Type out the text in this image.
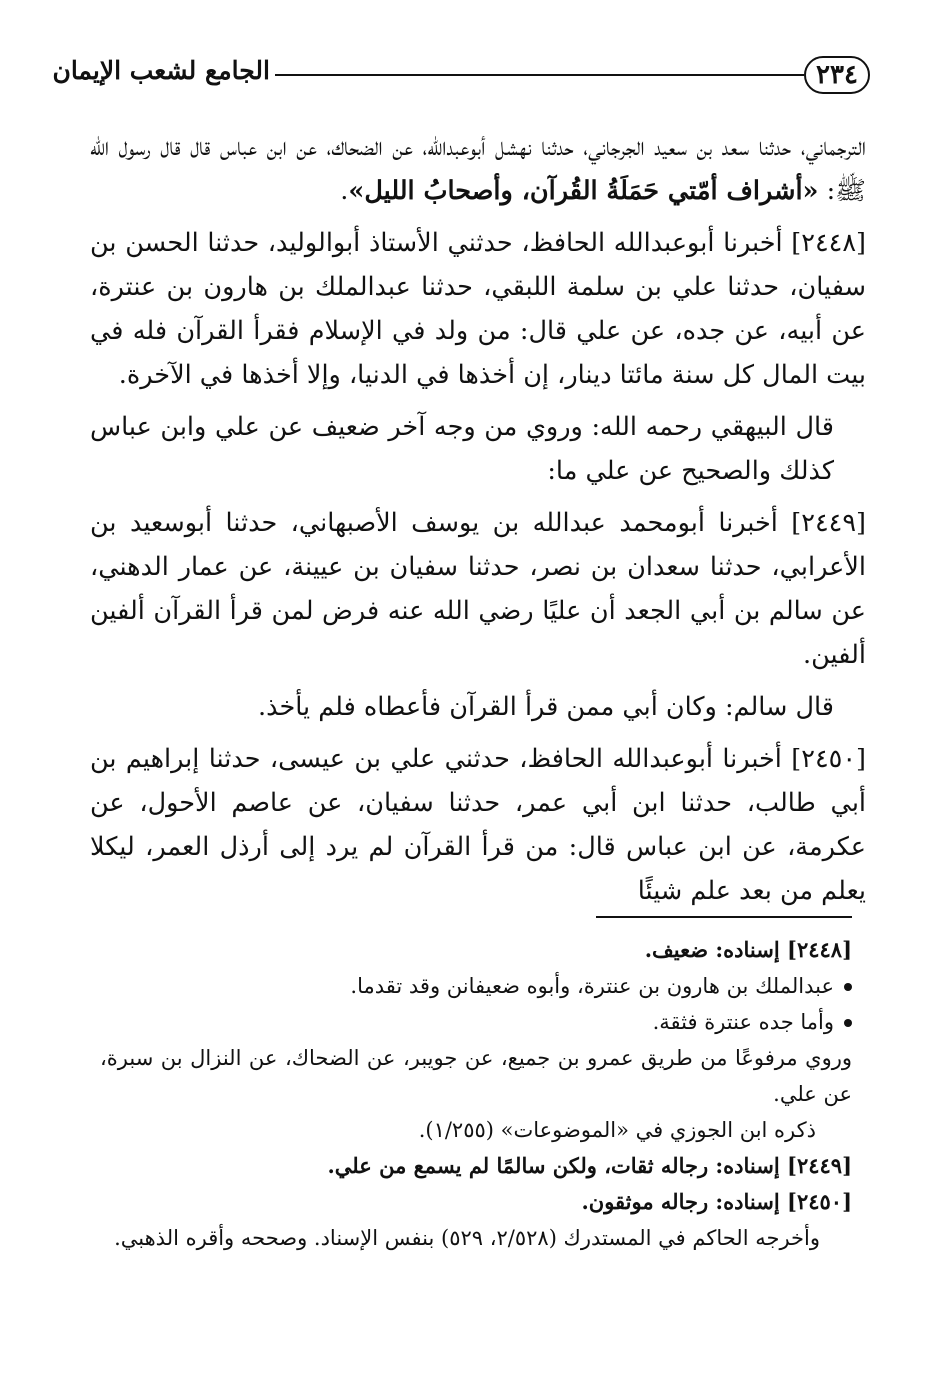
٢٣٤
الجامع لشعب الإيمان

الترجماني، حدثنا سعد بن سعيد الجرجاني، حدثنا نهشل أبوعبدالله، عن الضحاك، عن ابن عباس قال قال رسول الله ﷺ: «أشراف أمّتي حَمَلَةُ القُرآن، وأصحابُ الليل».

[٢٤٤٨] أخبرنا أبوعبدالله الحافظ، حدثني الأستاذ أبوالوليد، حدثنا الحسن بن سفيان، حدثنا علي بن سلمة اللبقي، حدثنا عبدالملك بن هارون بن عنترة، عن أبيه، عن جده، عن علي قال: من ولد في الإسلام فقرأ القرآن فله في بيت المال كل سنة مائتا دينار، إن أخذها في الدنيا، وإلا أخذها في الآخرة.

قال البيهقي رحمه الله: وروي من وجه آخر ضعيف عن علي وابن عباس كذلك والصحيح عن علي ما:

[٢٤٤٩] أخبرنا أبومحمد عبدالله بن يوسف الأصبهاني، حدثنا أبوسعيد بن الأعرابي، حدثنا سعدان بن نصر، حدثنا سفيان بن عيينة، عن عمار الدهني، عن سالم بن أبي الجعد أن عليًا رضي الله عنه فرض لمن قرأ القرآن ألفين ألفين.

قال سالم: وكان أبي ممن قرأ القرآن فأعطاه فلم يأخذ.

[٢٤٥٠] أخبرنا أبوعبدالله الحافظ، حدثني علي بن عيسى، حدثنا إبراهيم بن أبي طالب، حدثنا ابن أبي عمر، حدثنا سفيان، عن عاصم الأحول، عن عكرمة، عن ابن عباس قال: من قرأ القرآن لم يرد إلى أرذل العمر، ليكلا يعلم من بعد علم شيئًا

[٢٤٤٨] إسناده: ضعيف.

عبدالملك بن هارون بن عنترة، وأبوه ضعيفانن وقد تقدما.

وأما جده عنترة فثقة.

وروي مرفوعًا من طريق عمرو بن جميع، عن جويبر، عن الضحاك، عن النزال بن سبرة، عن علي.

ذكره ابن الجوزي في «الموضوعات» (١/٢٥٥).

[٢٤٤٩] إسناده: رجاله ثقات، ولكن سالمًا لم يسمع من علي.

[٢٤٥٠] إسناده: رجاله موثقون.

وأخرجه الحاكم في المستدرك (٢/٥٢٨، ٥٢٩) بنفس الإسناد. وصححه وأقره الذهبي.
